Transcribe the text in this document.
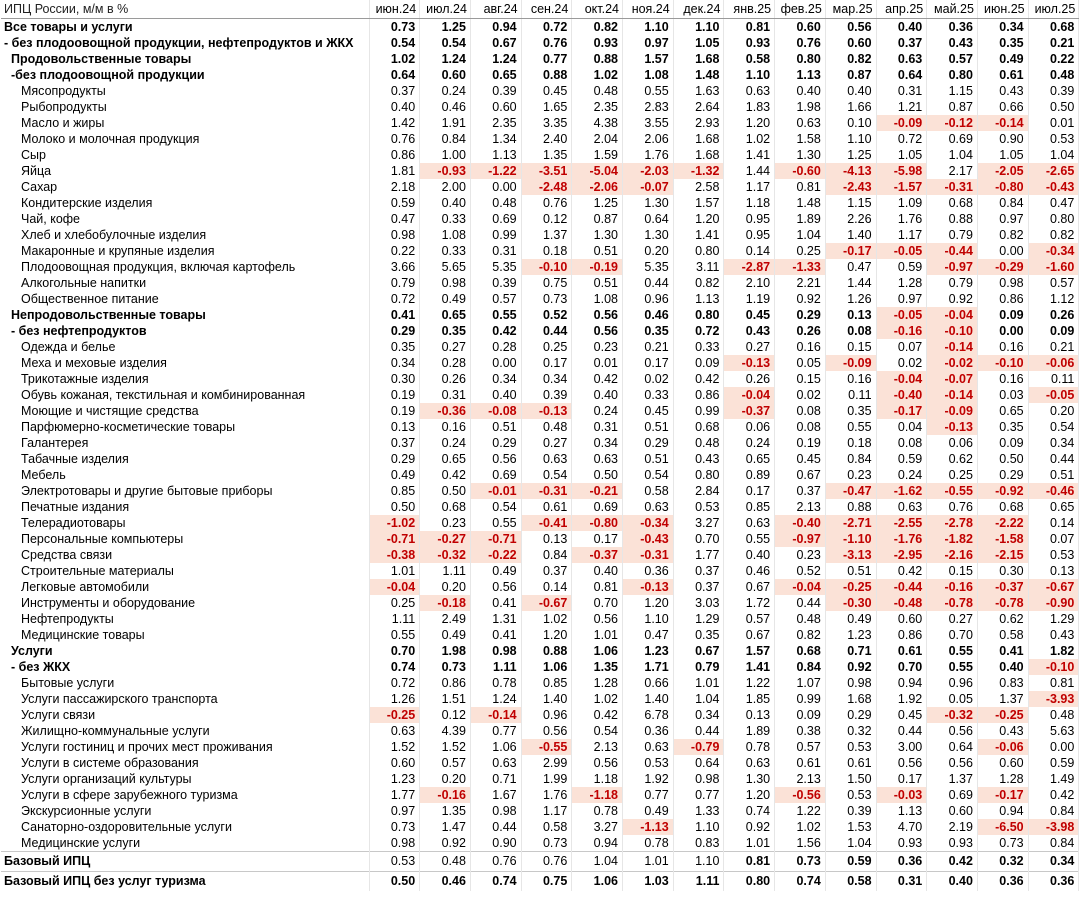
ИПЦ России, м/м в %	июн.24	июл.24	авг.24	сен.24	окт.24	ноя.24	дек.24	янв.25	фев.25	мар.25	апр.25	май.25	июн.25	июл.25
Все товары и услуги	0.73	1.25	0.94	0.72	0.82	1.10	1.10	0.81	0.60	0.56	0.40	0.36	0.34	0.68
- без плодоовощной продукции, нефтепродуктов и ЖКХ	0.54	0.54	0.67	0.76	0.93	0.97	1.05	0.93	0.76	0.60	0.37	0.43	0.35	0.21
Продовольственные товары	1.02	1.24	1.24	0.77	0.88	1.57	1.68	0.58	0.80	0.82	0.63	0.57	0.49	0.22
-без плодоовощной продукции	0.64	0.60	0.65	0.88	1.02	1.08	1.48	1.10	1.13	0.87	0.64	0.80	0.61	0.48
Мясопродукты	0.37	0.24	0.39	0.45	0.48	0.55	1.63	0.63	0.40	0.40	0.31	1.15	0.43	0.39
Рыбопродукты	0.40	0.46	0.60	1.65	2.35	2.83	2.64	1.83	1.98	1.66	1.21	0.87	0.66	0.50
Масло и жиры	1.42	1.91	2.35	3.35	4.38	3.55	2.93	1.20	0.63	0.10	-0.09	-0.12	-0.14	0.01
Молоко и молочная продукция	0.76	0.84	1.34	2.40	2.04	2.06	1.68	1.02	1.58	1.10	0.72	0.69	0.90	0.53
Сыр	0.86	1.00	1.13	1.35	1.59	1.76	1.68	1.41	1.30	1.25	1.05	1.04	1.05	1.04
Яйца	1.81	-0.93	-1.22	-3.51	-5.04	-2.03	-1.32	1.44	-0.60	-4.13	-5.98	2.17	-2.05	-2.65
Сахар	2.18	2.00	0.00	-2.48	-2.06	-0.07	2.58	1.17	0.81	-2.43	-1.57	-0.31	-0.80	-0.43
Кондитерские изделия	0.59	0.40	0.48	0.76	1.25	1.30	1.57	1.18	1.48	1.15	1.09	0.68	0.84	0.47
Чай, кофе	0.47	0.33	0.69	0.12	0.87	0.64	1.20	0.95	1.89	2.26	1.76	0.88	0.97	0.80
Хлеб и хлебобулочные изделия	0.98	1.08	0.99	1.37	1.30	1.30	1.41	0.95	1.04	1.40	1.17	0.79	0.82	0.82
Макаронные и крупяные изделия	0.22	0.33	0.31	0.18	0.51	0.20	0.80	0.14	0.25	-0.17	-0.05	-0.44	0.00	-0.34
Плодоовощная продукция, включая картофель	3.66	5.65	5.35	-0.10	-0.19	5.35	3.11	-2.87	-1.33	0.47	0.59	-0.97	-0.29	-1.60
Алкогольные напитки	0.79	0.98	0.39	0.75	0.51	0.44	0.82	2.10	2.21	1.44	1.28	0.79	0.98	0.57
Общественное питание	0.72	0.49	0.57	0.73	1.08	0.96	1.13	1.19	0.92	1.26	0.97	0.92	0.86	1.12
Непродовольственные товары	0.41	0.65	0.55	0.52	0.56	0.46	0.80	0.45	0.29	0.13	-0.05	-0.04	0.09	0.26
- без нефтепродуктов	0.29	0.35	0.42	0.44	0.56	0.35	0.72	0.43	0.26	0.08	-0.16	-0.10	0.00	0.09
Одежда и белье	0.35	0.27	0.28	0.25	0.23	0.21	0.33	0.27	0.16	0.15	0.07	-0.14	0.16	0.21
Меха и меховые изделия	0.34	0.28	0.00	0.17	0.01	0.17	0.09	-0.13	0.05	-0.09	0.02	-0.02	-0.10	-0.06
Трикотажные изделия	0.30	0.26	0.34	0.34	0.42	0.02	0.42	0.26	0.15	0.16	-0.04	-0.07	0.16	0.11
Обувь кожаная, текстильная и комбинированная	0.19	0.31	0.40	0.39	0.40	0.33	0.86	-0.04	0.02	0.11	-0.40	-0.14	0.03	-0.05
Моющие и чистящие средства	0.19	-0.36	-0.08	-0.13	0.24	0.45	0.99	-0.37	0.08	0.35	-0.17	-0.09	0.65	0.20
Парфюмерно-косметические товары	0.13	0.16	0.51	0.48	0.31	0.51	0.68	0.06	0.08	0.55	0.04	-0.13	0.35	0.54
Галантерея	0.37	0.24	0.29	0.27	0.34	0.29	0.48	0.24	0.19	0.18	0.08	0.06	0.09	0.34
Табачные изделия	0.29	0.65	0.56	0.63	0.63	0.51	0.43	0.65	0.45	0.84	0.59	0.62	0.50	0.44
Мебель	0.49	0.42	0.69	0.54	0.50	0.54	0.80	0.89	0.67	0.23	0.24	0.25	0.29	0.51
Электротовары и другие бытовые приборы	0.85	0.50	-0.01	-0.31	-0.21	0.58	2.84	0.17	0.37	-0.47	-1.62	-0.55	-0.92	-0.46
Печатные издания	0.50	0.68	0.54	0.61	0.69	0.63	0.53	0.85	2.13	0.88	0.63	0.76	0.68	0.65
Телерадиотовары	-1.02	0.23	0.55	-0.41	-0.80	-0.34	3.27	0.63	-0.40	-2.71	-2.55	-2.78	-2.22	0.14
Персональные компьютеры	-0.71	-0.27	-0.71	0.13	0.17	-0.43	0.70	0.55	-0.97	-1.10	-1.76	-1.82	-1.58	0.07
Средства связи	-0.38	-0.32	-0.22	0.84	-0.37	-0.31	1.77	0.40	0.23	-3.13	-2.95	-2.16	-2.15	0.53
Строительные материалы	1.01	1.11	0.49	0.37	0.40	0.36	0.37	0.46	0.52	0.51	0.42	0.15	0.30	0.13
Легковые автомобили	-0.04	0.20	0.56	0.14	0.81	-0.13	0.37	0.67	-0.04	-0.25	-0.44	-0.16	-0.37	-0.67
Инструменты и оборудование	0.25	-0.18	0.41	-0.67	0.70	1.20	3.03	1.72	0.44	-0.30	-0.48	-0.78	-0.78	-0.90
Нефтепродукты	1.11	2.49	1.31	1.02	0.56	1.10	1.29	0.57	0.48	0.49	0.60	0.27	0.62	1.29
Медицинские товары	0.55	0.49	0.41	1.20	1.01	0.47	0.35	0.67	0.82	1.23	0.86	0.70	0.58	0.43
Услуги	0.70	1.98	0.98	0.88	1.06	1.23	0.67	1.57	0.68	0.71	0.61	0.55	0.41	1.82
- без ЖКХ	0.74	0.73	1.11	1.06	1.35	1.71	0.79	1.41	0.84	0.92	0.70	0.55	0.40	-0.10
Бытовые услуги	0.72	0.86	0.78	0.85	1.28	0.66	1.01	1.22	1.07	0.98	0.94	0.96	0.83	0.81
Услуги пассажирского транспорта	1.26	1.51	1.24	1.40	1.02	1.40	1.04	1.85	0.99	1.68	1.92	0.05	1.37	-3.93
Услуги связи	-0.25	0.12	-0.14	0.96	0.42	6.78	0.34	0.13	0.09	0.29	0.45	-0.32	-0.25	0.48
Жилищно-коммунальные услуги	0.63	4.39	0.77	0.56	0.54	0.36	0.44	1.89	0.38	0.32	0.44	0.56	0.43	5.63
Услуги гостиниц и прочих мест проживания	1.52	1.52	1.06	-0.55	2.13	0.63	-0.79	0.78	0.57	0.53	3.00	0.64	-0.06	0.00
Услуги в системе образования	0.60	0.57	0.63	2.99	0.56	0.53	0.64	0.63	0.61	0.61	0.56	0.56	0.60	0.59
Услуги организаций культуры	1.23	0.20	0.71	1.99	1.18	1.92	0.98	1.30	2.13	1.50	0.17	1.37	1.28	1.49
Услуги в сфере зарубежного туризма	1.77	-0.16	1.67	1.76	-1.18	0.77	0.77	1.20	-0.56	0.53	-0.03	0.69	-0.17	0.42
Экскурсионные услуги	0.97	1.35	0.98	1.17	0.78	0.49	1.33	0.74	1.22	0.39	1.13	0.60	0.94	0.84
Санаторно-оздоровительные услуги	0.73	1.47	0.44	0.58	3.27	-1.13	1.10	0.92	1.02	1.53	4.70	2.19	-6.50	-3.98
Медицинские услуги	0.98	0.92	0.90	0.73	0.94	0.78	0.83	1.01	1.56	1.04	0.93	0.93	0.73	0.84
Базовый ИПЦ	0.53	0.48	0.76	0.76	1.04	1.01	1.10	0.81	0.73	0.59	0.36	0.42	0.32	0.34
Базовый ИПЦ без услуг туризма	0.50	0.46	0.74	0.75	1.06	1.03	1.11	0.80	0.74	0.58	0.31	0.40	0.36	0.36
